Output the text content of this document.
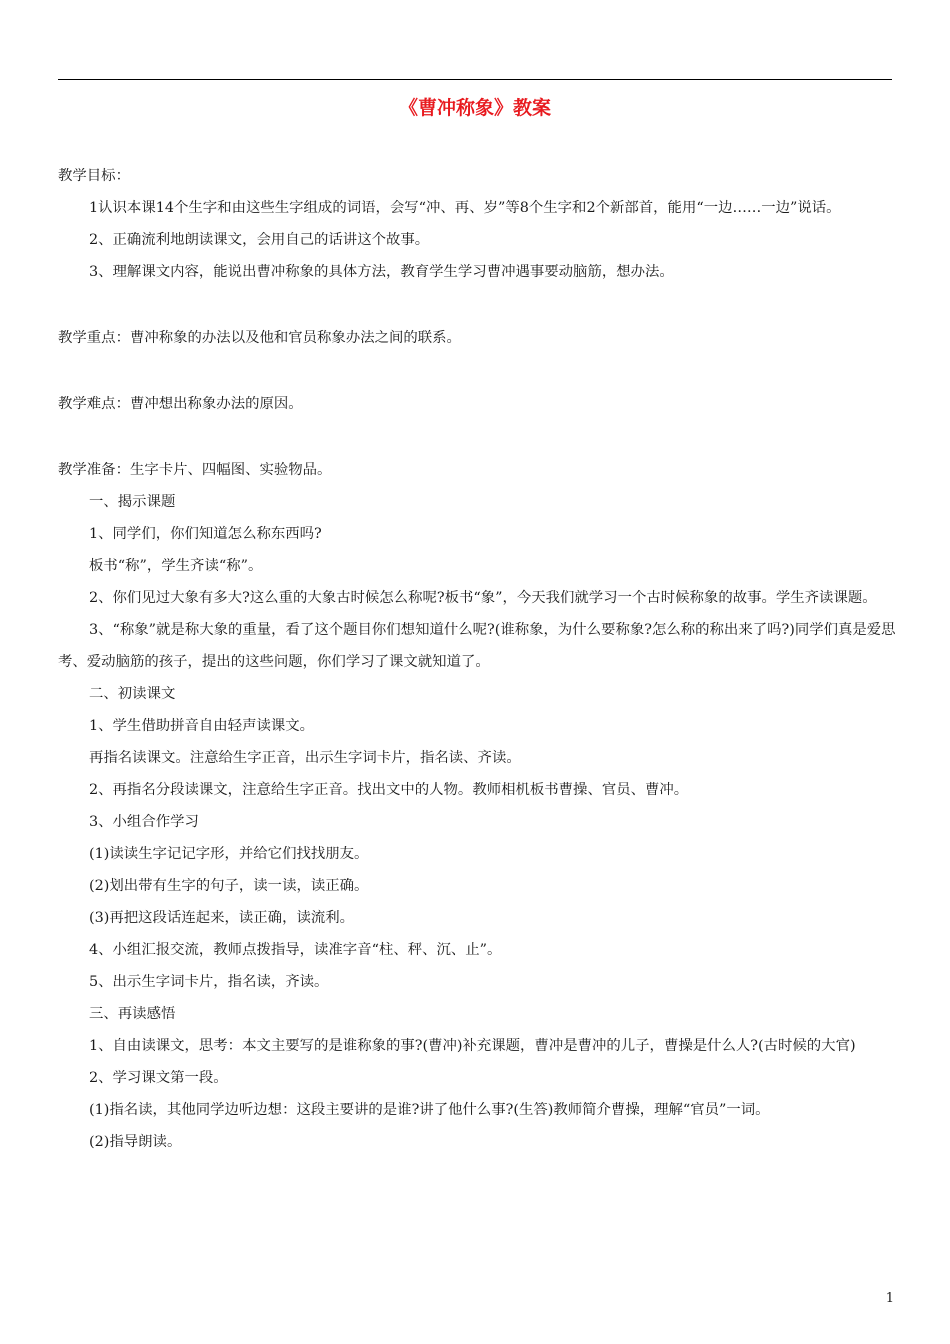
《曹冲称象》教案

教学目标：

1认识本课14个生字和由这些生字组成的词语，会写“冲、再、岁”等8个生字和2个新部首，能用“一边……一边”说话。

2、正确流利地朗读课文，会用自己的话讲这个故事。

3、理解课文内容，能说出曹冲称象的具体方法，教育学生学习曹冲遇事要动脑筋，想办法。

教学重点：曹冲称象的办法以及他和官员称象办法之间的联系。

教学难点：曹冲想出称象办法的原因。

教学准备：生字卡片、四幅图、实验物品。

一、揭示课题

1、同学们，你们知道怎么称东西吗?

板书“称”，学生齐读“称”。

2、你们见过大象有多大?这么重的大象古时候怎么称呢?板书“象”，今天我们就学习一个古时候称象的故事。学生齐读课题。

3、“称象”就是称大象的重量，看了这个题目你们想知道什么呢?(谁称象，为什么要称象?怎么称的称出来了吗?)同学们真是爱思考、爱动脑筋的孩子，提出的这些问题，你们学习了课文就知道了。

二、初读课文

1、学生借助拼音自由轻声读课文。

再指名读课文。注意给生字正音，出示生字词卡片，指名读、齐读。

2、再指名分段读课文，注意给生字正音。找出文中的人物。教师相机板书曹操、官员、曹冲。

3、小组合作学习

(1)读读生字记记字形，并给它们找找朋友。

(2)划出带有生字的句子，读一读，读正确。

(3)再把这段话连起来，读正确，读流利。

4、小组汇报交流，教师点拨指导，读准字音“柱、秤、沉、止”。

5、出示生字词卡片，指名读，齐读。

三、再读感悟

1、自由读课文，思考：本文主要写的是谁称象的事?(曹冲)补充课题，曹冲是曹冲的儿子，曹操是什么人?(古时候的大官)

2、学习课文第一段。

(1)指名读，其他同学边听边想：这段主要讲的是谁?讲了他什么事?(生答)教师简介曹操，理解“官员”一词。

(2)指导朗读。

1
